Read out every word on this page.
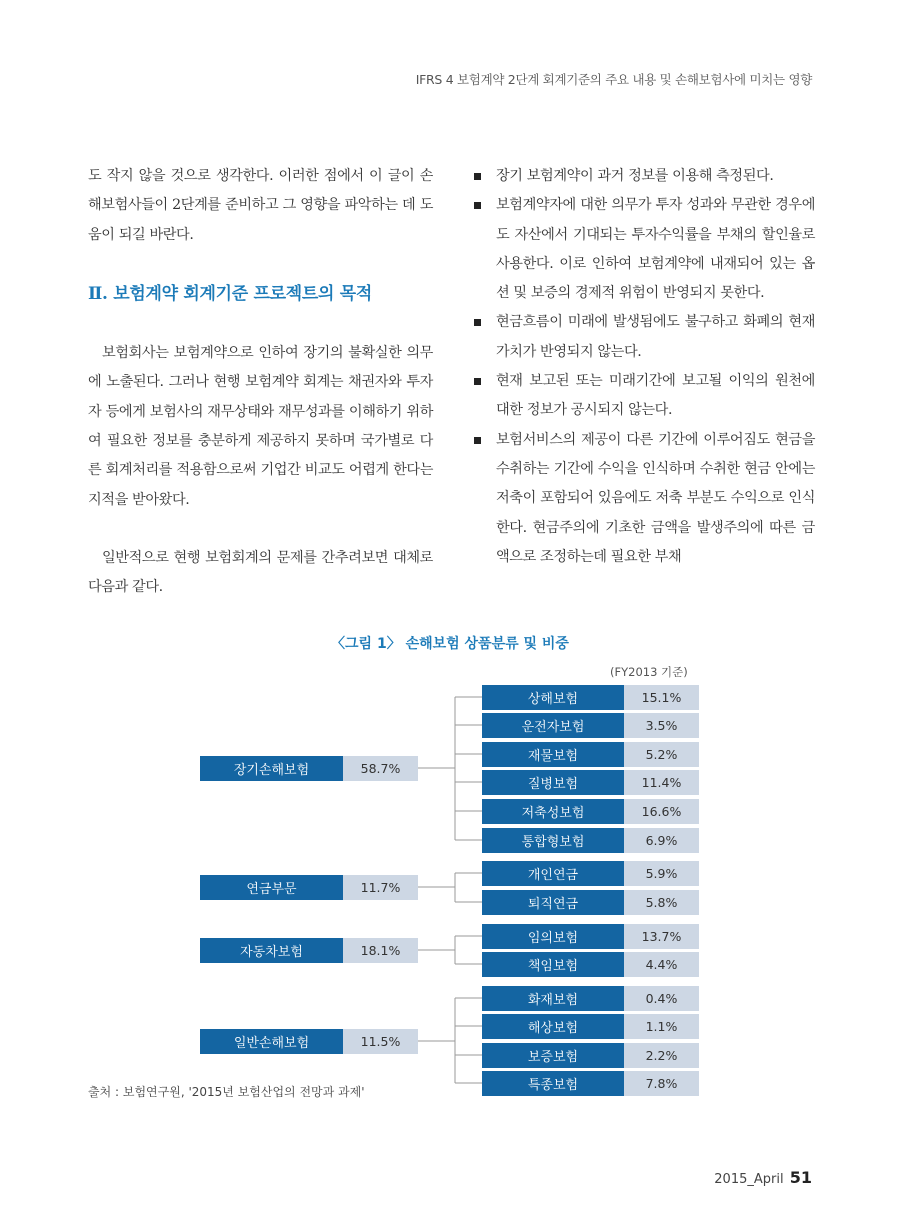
IFRS 4 보험계약 2단계 회계기준의 주요 내용 및 손해보험사에 미치는 영향

도 작지 않을 것으로 생각한다. 이러한 점에서 이 글이 손해보험사들이 2단계를 준비하고 그 영향을 파악하는 데 도움이 되길 바란다.

Ⅱ. 보험계약 회계기준 프로젝트의 목적

보험회사는 보험계약으로 인하여 장기의 불확실한 의무에 노출된다. 그러나 현행 보험계약 회계는 채권자와 투자자 등에게 보험사의 재무상태와 재무성과를 이해하기 위하여 필요한 정보를 충분하게 제공하지 못하며 국가별로 다른 회계처리를 적용함으로써 기업간 비교도 어렵게 한다는 지적을 받아왔다.

일반적으로 현행 보험회계의 문제를 간추려보면 대체로 다음과 같다.

장기 보험계약이 과거 정보를 이용해 측정된다.
보험계약자에 대한 의무가 투자 성과와 무관한 경우에도 자산에서 기대되는 투자수익률을 부채의 할인율로 사용한다. 이로 인하여 보험계약에 내재되어 있는 옵션 및 보증의 경제적 위험이 반영되지 못한다.
현금흐름이 미래에 발생됨에도 불구하고 화폐의 현재가치가 반영되지 않는다.
현재 보고된 또는 미래기간에 보고될 이익의 원천에 대한 정보가 공시되지 않는다.
보험서비스의 제공이 다른 기간에 이루어짐도 현금을 수취하는 기간에 수익을 인식하며 수취한 현금 안에는 저축이 포함되어 있음에도 저축 부분도 수익으로 인식한다. 현금주의에 기초한 금액을 발생주의에 따른 금액으로 조정하는데 필요한 부채
〈그림 1〉 손해보험 상품분류 및 비중
(FY2013 기준)
장기손해보험	58.7%
연금부문	11.7%
자동차보험	18.1%
일반손해보험	11.5%
상해보험	15.1%
운전자보험	3.5%
재물보험	5.2%
질병보험	11.4%
저축성보험	16.6%
통합형보험	6.9%
개인연금	5.9%
퇴직연금	5.8%
임의보험	13.7%
책임보험	4.4%
화재보험	0.4%
해상보험	1.1%
보증보험	2.2%
특종보험	7.8%
출처 : 보험연구원, '2015년 보험산업의 전망과 과제'
2015_April 51
